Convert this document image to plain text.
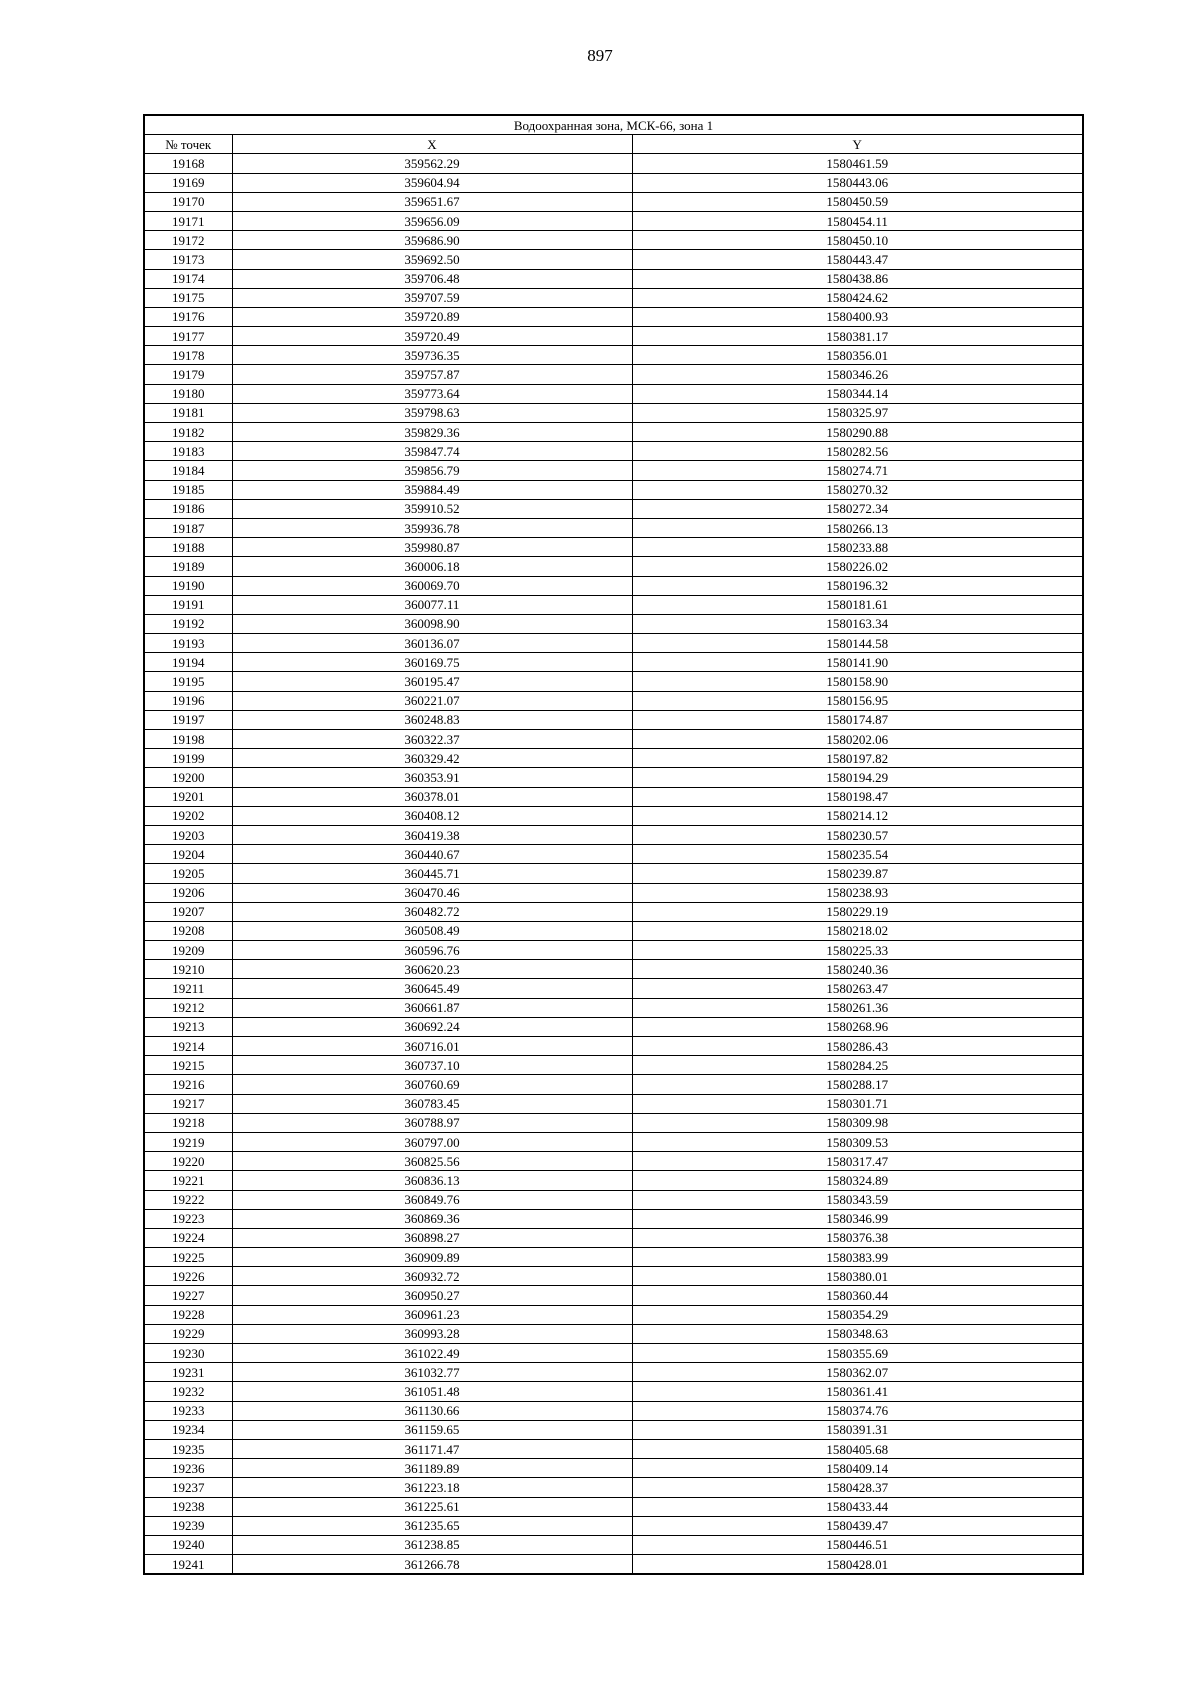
897
Водоохранная зона, МСК-66, зона 1		
№ точек	X	Y
19168	359562.29	1580461.59
19169	359604.94	1580443.06
19170	359651.67	1580450.59
19171	359656.09	1580454.11
19172	359686.90	1580450.10
19173	359692.50	1580443.47
19174	359706.48	1580438.86
19175	359707.59	1580424.62
19176	359720.89	1580400.93
19177	359720.49	1580381.17
19178	359736.35	1580356.01
19179	359757.87	1580346.26
19180	359773.64	1580344.14
19181	359798.63	1580325.97
19182	359829.36	1580290.88
19183	359847.74	1580282.56
19184	359856.79	1580274.71
19185	359884.49	1580270.32
19186	359910.52	1580272.34
19187	359936.78	1580266.13
19188	359980.87	1580233.88
19189	360006.18	1580226.02
19190	360069.70	1580196.32
19191	360077.11	1580181.61
19192	360098.90	1580163.34
19193	360136.07	1580144.58
19194	360169.75	1580141.90
19195	360195.47	1580158.90
19196	360221.07	1580156.95
19197	360248.83	1580174.87
19198	360322.37	1580202.06
19199	360329.42	1580197.82
19200	360353.91	1580194.29
19201	360378.01	1580198.47
19202	360408.12	1580214.12
19203	360419.38	1580230.57
19204	360440.67	1580235.54
19205	360445.71	1580239.87
19206	360470.46	1580238.93
19207	360482.72	1580229.19
19208	360508.49	1580218.02
19209	360596.76	1580225.33
19210	360620.23	1580240.36
19211	360645.49	1580263.47
19212	360661.87	1580261.36
19213	360692.24	1580268.96
19214	360716.01	1580286.43
19215	360737.10	1580284.25
19216	360760.69	1580288.17
19217	360783.45	1580301.71
19218	360788.97	1580309.98
19219	360797.00	1580309.53
19220	360825.56	1580317.47
19221	360836.13	1580324.89
19222	360849.76	1580343.59
19223	360869.36	1580346.99
19224	360898.27	1580376.38
19225	360909.89	1580383.99
19226	360932.72	1580380.01
19227	360950.27	1580360.44
19228	360961.23	1580354.29
19229	360993.28	1580348.63
19230	361022.49	1580355.69
19231	361032.77	1580362.07
19232	361051.48	1580361.41
19233	361130.66	1580374.76
19234	361159.65	1580391.31
19235	361171.47	1580405.68
19236	361189.89	1580409.14
19237	361223.18	1580428.37
19238	361225.61	1580433.44
19239	361235.65	1580439.47
19240	361238.85	1580446.51
19241	361266.78	1580428.01
